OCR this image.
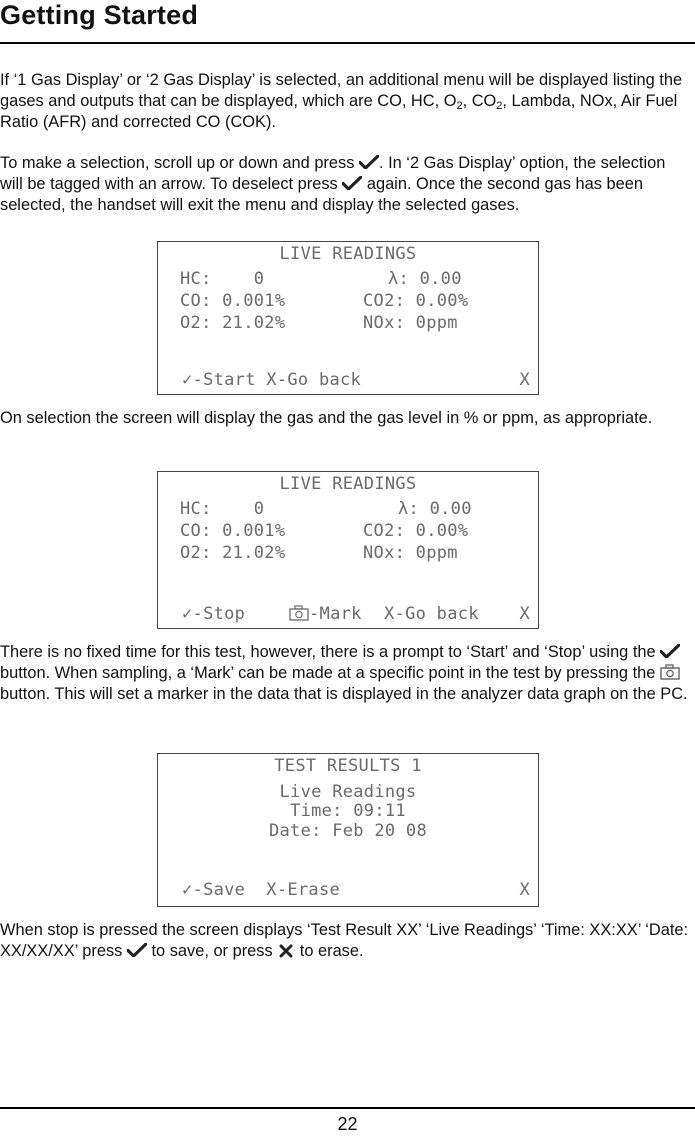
Getting Started

If ‘1 Gas Display’ or ‘2 Gas Display’ is selected, an additional menu will be displayed listing the gases and outputs that can be displayed, which are CO, HC, $O_2$, $CO_2$, Lambda, NOx, Air Fuel Ratio (AFR) and corrected CO (COK).

To make a selection, scroll up or down and press . In ‘2 Gas Display’ option, the selection will be tagged with an arrow. To deselect press
again. Once the second gas has been selected, the handset will exit the menu and display the selected gases.

LIVE READINGS
HC:    0	λ: 0.00
CO: 0.001%	CO2: 0.00%
O2: 21.02%	NOx: 0ppm
✓-Start X-Go back	X

On selection the screen will display the gas and the gas level in % or ppm, as appropriate.

LIVE READINGS
HC:    0	λ: 0.00
CO: 0.001%	CO2: 0.00%
O2: 21.02%	NOx: 0ppm
✓-Stop	-Mark X-Go back X

There is no fixed time for this test, however, there is a prompt to ‘Start’ and ‘Stop’ using the
button. When sampling, a ‘Mark’ can be made at a specific point in the test by pressing the
button. This will set a marker in the data that is displayed in the analyzer data graph on the PC.

TEST RESULTS 1
Live Readings
Time: 09:11
Date: Feb 20 08
✓-Save  X-Erase	X

When stop is pressed the screen displays ‘Test Result XX’ ‘Live Readings’ ‘Time: XX:XX’ ‘Date: XX/XX/XX’ press
to save, or press
to erase.

22
